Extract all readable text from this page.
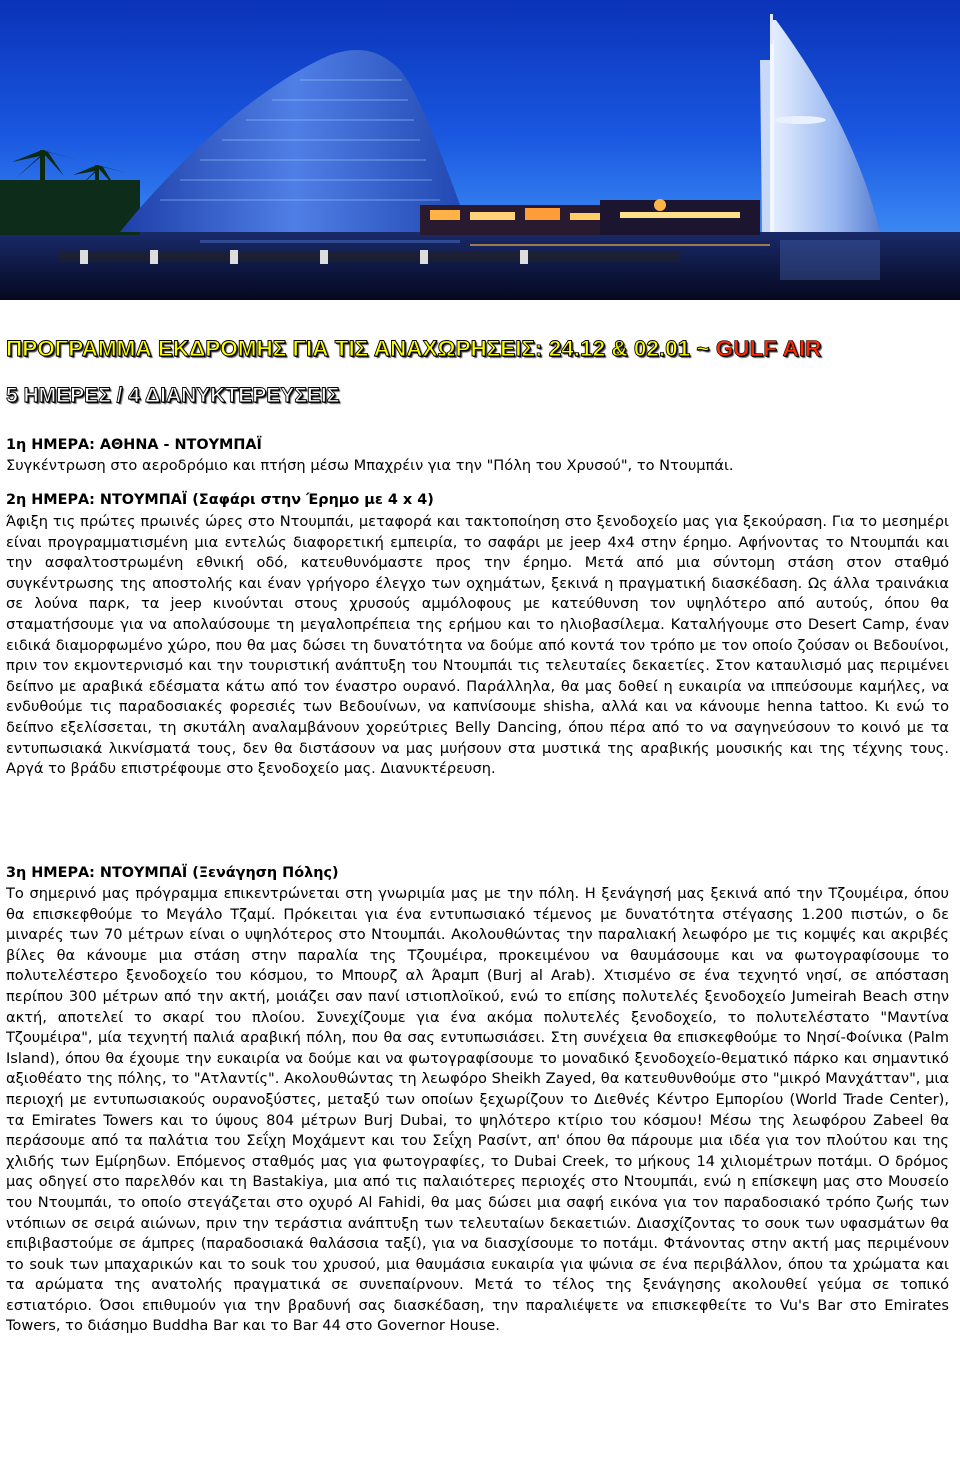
ΠΡΟΓΡΑΜΜΑ ΕΚΔΡΟΜΗΣ ΓΙΑ ΤΙΣ ΑΝΑΧΩΡΗΣΕΙΣ: 24.12 & 02.01 ~ GULF AIR
5 ΗΜΕΡΕΣ / 4 ΔΙΑΝΥΚΤΕΡΕΥΣΕΙΣ

1η ΗΜΕΡΑ: ΑΘΗΝΑ - ΝΤΟΥΜΠΑΪ

Συγκέντρωση στο αεροδρόμιο και πτήση μέσω Μπαχρέιν για την "Πόλη του Χρυσού", το Ντουμπάι.

2η ΗΜΕΡΑ: ΝΤΟΥΜΠΑΪ (Σαφάρι στην Έρημο με 4 x 4)

Άφιξη τις πρώτες πρωινές ώρες στο Ντουμπάι, μεταφορά και τακτοποίηση στο ξενοδοχείο μας για ξεκούραση. Για το μεσημέρι είναι προγραμματισμένη μια εντελώς διαφορετική εμπειρία, το σαφάρι με jeep 4x4 στην έρημο. Αφήνοντας το Ντουμπάι και την ασφαλτοστρωμένη εθνική οδό, κατευθυνόμαστε προς την έρημο. Μετά από μια σύντομη στάση στον σταθμό συγκέντρωσης της αποστολής και έναν γρήγορο έλεγχο των οχημάτων, ξεκινά η πραγματική διασκέδαση. Ως άλλα τραινάκια σε λούνα παρκ, τα jeep κινούνται στους χρυσούς αμμόλοφους με κατεύθυνση τον υψηλότερο από αυτούς, όπου θα σταματήσουμε για να απολαύσουμε τη μεγαλοπρέπεια της ερήμου και το ηλιοβασίλεμα. Καταλήγουμε στο Desert Camp, έναν ειδικά διαμορφωμένο χώρο, που θα μας δώσει τη δυνατότητα να δούμε από κοντά τον τρόπο με τον οποίο ζούσαν οι Βεδουίνοι, πριν τον εκμοντερνισμό και την τουριστική ανάπτυξη του Ντουμπάι τις τελευταίες δεκαετίες. Στον καταυλισμό μας περιμένει δείπνο με αραβικά εδέσματα κάτω από τον έναστρο ουρανό. Παράλληλα, θα μας δοθεί η ευκαιρία να ιππεύσουμε καμήλες, να ενδυθούμε τις παραδοσιακές φορεσιές των Βεδουίνων, να καπνίσουμε shisha, αλλά και να κάνουμε henna tattoo. Κι ενώ το δείπνο εξελίσσεται, τη σκυτάλη αναλαμβάνουν χορεύτριες Belly Dancing, όπου πέρα από το να σαγηνεύσουν το κοινό με τα εντυπωσιακά λικνίσματά τους, δεν θα διστάσουν να μας μυήσουν στα μυστικά της αραβικής μουσικής και της τέχνης τους. Αργά το βράδυ επιστρέφουμε στο ξενοδοχείο μας. Διανυκτέρευση.

3η ΗΜΕΡΑ: ΝΤΟΥΜΠΑΪ (Ξενάγηση Πόλης)

Το σημερινό μας πρόγραμμα επικεντρώνεται στη γνωριμία μας με την πόλη. Η ξενάγησή μας ξεκινά από την Τζουμέιρα, όπου θα επισκεφθούμε το Μεγάλο Τζαμί. Πρόκειται για ένα εντυπωσιακό τέμενος με δυνατότητα στέγασης 1.200 πιστών, ο δε μιναρές των 70 μέτρων είναι ο υψηλότερος στο Ντουμπάι. Ακολουθώντας την παραλιακή λεωφόρο με τις κομψές και ακριβές βίλες θα κάνουμε μια στάση στην παραλία της Τζουμέιρα, προκειμένου να θαυμάσουμε και να φωτογραφίσουμε το πολυτελέστερο ξενοδοχείο του κόσμου, το Μπουρζ αλ Άραμπ (Burj al Arab). Χτισμένο σε ένα τεχνητό νησί, σε απόσταση περίπου 300 μέτρων από την ακτή, μοιάζει σαν πανί ιστιοπλοϊκού, ενώ το επίσης πολυτελές ξενοδοχείο Jumeirah Beach στην ακτή, αποτελεί το σκαρί του πλοίου. Συνεχίζουμε για ένα ακόμα πολυτελές ξενοδοχείο, το πολυτελέστατο "Μαντίνα Τζουμέιρα", μία τεχνητή παλιά αραβική πόλη, που θα σας εντυπωσιάσει. Στη συνέχεια θα επισκεφθούμε το Νησί-Φοίνικα (Palm Island), όπου θα έχουμε την ευκαιρία να δούμε και να φωτογραφίσουμε το μοναδικό ξενοδοχείο-θεματικό πάρκο και σημαντικό αξιοθέατο της πόλης, το "Ατλαντίς". Ακολουθώντας τη λεωφόρο Sheikh Zayed, θα κατευθυνθούμε στο "μικρό Μανχάτταν", μια περιοχή με εντυπωσιακούς ουρανοξύστες, μεταξύ των οποίων ξεχωρίζουν το Διεθνές Κέντρο Εμπορίου (World Trade Center), τα Emirates Towers και το ύψους 804 μέτρων Burj Dubai, το ψηλότερο κτίριο του κόσμου! Μέσω της λεωφόρου Zabeel θα περάσουμε από τα παλάτια του Σεΐχη Μοχάμεντ και του Σεΐχη Ρασίντ, απ' όπου θα πάρουμε μια ιδέα για τον πλούτου και της χλιδής των Εμίρηδων. Επόμενος σταθμός μας για φωτογραφίες, το Dubai Creek, το μήκους 14 χιλιομέτρων ποτάμι. Ο δρόμος μας οδηγεί στο παρελθόν και τη Bastakiya, μια από τις παλαιότερες περιοχές στο Ντουμπάι, ενώ η επίσκεψη μας στο Μουσείο του Ντουμπάι, το οποίο στεγάζεται στο οχυρό Al Fahidi, θα μας δώσει μια σαφή εικόνα για τον παραδοσιακό τρόπο ζωής των ντόπιων σε σειρά αιώνων, πριν την τεράστια ανάπτυξη των τελευταίων δεκαετιών. Διασχίζοντας το σουκ των υφασμάτων θα επιβιβαστούμε σε άμπρες (παραδοσιακά θαλάσσια ταξί), για να διασχίσουμε το ποτάμι. Φτάνοντας στην ακτή μας περιμένουν το souk των μπαχαρικών και το souk του χρυσού, μια θαυμάσια ευκαιρία για ψώνια σε ένα περιβάλλον, όπου τα χρώματα και τα αρώματα της ανατολής πραγματικά σε συνεπαίρνουν. Μετά το τέλος της ξενάγησης ακολουθεί γεύμα σε τοπικό εστιατόριο. Όσοι επιθυμούν για την βραδυνή σας διασκέδαση, την παραλιέψετε να επισκεφθείτε το Vu's Bar στο Emirates Towers, το διάσημο Buddha Bar και το Bar 44 στο Governor House.
